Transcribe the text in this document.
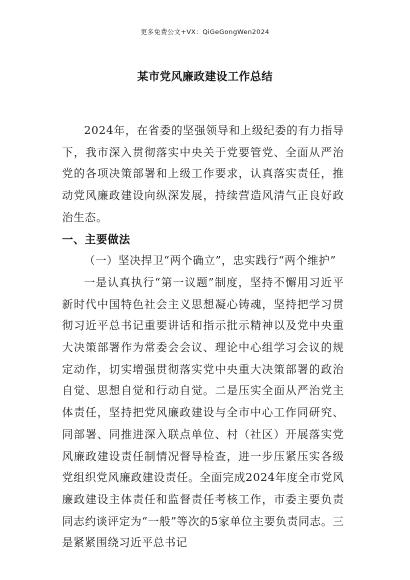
更多免费公文+VX：QiGeGongWen2024
某市党风廉政建设工作总结

2024年，在省委的坚强领导和上级纪委的有力指导下，我市深入贯彻落实中央关于党要管党、全面从严治党的各项决策部署和上级工作要求，认真落实责任，推动党风廉政建设向纵深发展，持续营造风清气正良好政治生态。

一、主要做法

（一）坚决捍卫“两个确立”，忠实践行“两个维护”

一是认真执行“第一议题”制度，坚持不懈用习近平新时代中国特色社会主义思想凝心铸魂，坚持把学习贯彻习近平总书记重要讲话和指示批示精神以及党中央重大决策部署作为常委会会议、理论中心组学习会议的规定动作，切实增强贯彻落实党中央重大决策部署的政治自觉、思想自觉和行动自觉。二是压实全面从严治党主体责任，坚持把党风廉政建设与全市中心工作同研究、同部署、同推进深入联点单位、村（社区）开展落实党风廉政建设责任制情况督导检查，进一步压紧压实各级党组织党风廉政建设责任。全面完成2024年度全市党风廉政建设主体责任和监督责任考核工作，市委主要负责同志约谈评定为“一般”等次的5家单位主要负责同志。三是紧紧围绕习近平总书记
